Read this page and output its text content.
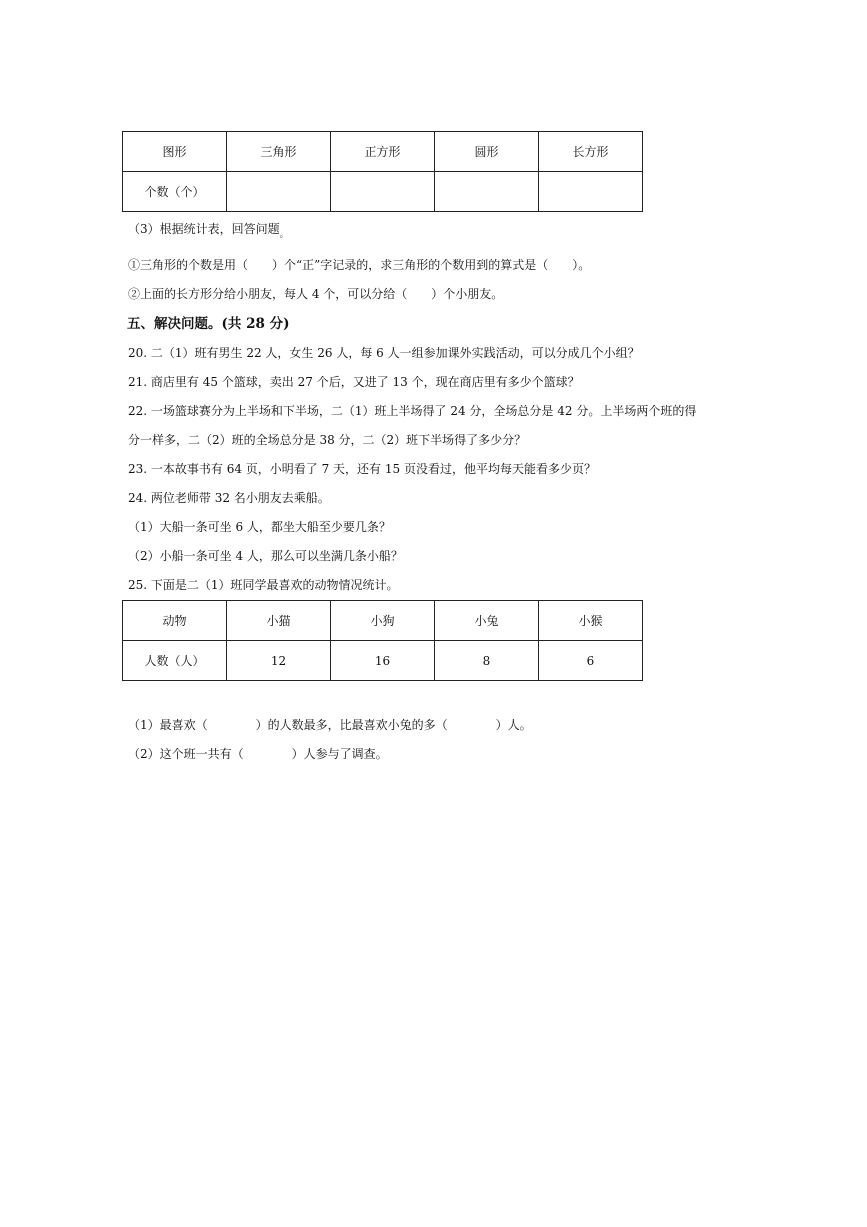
图形	三角形	正方形	圆形	长方形
个数（个）				
（3）根据统计表，回答问题$_。$
①三角形的个数是用（　　）个“正”字记录的，求三角形的个数用到的算式是（　　）。
②上面的长方形分给小朋友，每人 4 个，可以分给（　　）个小朋友。
五、解决问题。(共 28 分)
20. 二（1）班有男生 22 人，女生 26 人，每 6 人一组参加课外实践活动，可以分成几个小组？
21. 商店里有 45 个篮球，卖出 27 个后，又进了 13 个，现在商店里有多少个篮球？
22. 一场篮球赛分为上半场和下半场，二（1）班上半场得了 24 分，全场总分是 42 分。上半场两个班的得
分一样多，二（2）班的全场总分是 38 分，二（2）班下半场得了多少分？
23. 一本故事书有 64 页，小明看了 7 天，还有 15 页没看过，他平均每天能看多少页？
24. 两位老师带 32 名小朋友去乘船。
（1）大船一条可坐 6 人，都坐大船至少要几条？
（2）小船一条可坐 4 人，那么可以坐满几条小船？
25. 下面是二（1）班同学最喜欢的动物情况统计。
动物	小猫	小狗	小兔	小猴
人数（人）	12	16	8	6
（1）最喜欢（　　　　）的人数最多，比最喜欢小兔的多（　　　　）人。
（2）这个班一共有（　　　　）人参与了调查。
